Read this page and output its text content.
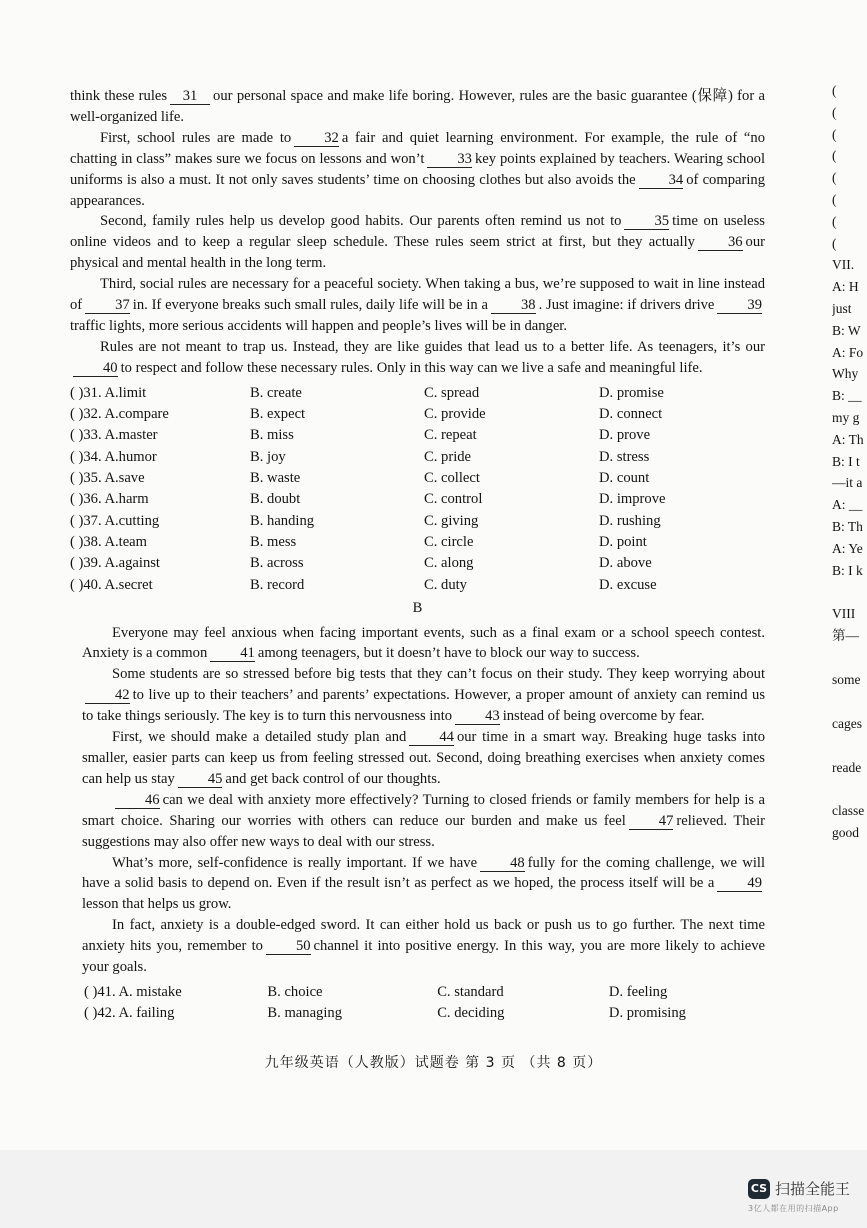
think these rules 31 our personal space and make life boring. However, rules are the basic guarantee (保障) for a well-organized life.

First, school rules are made to 32 a fair and quiet learning environment. For example, the rule of “no chatting in class” makes sure we focus on lessons and won’t 33 key points explained by teachers. Wearing school uniforms is also a must. It not only saves students’ time on choosing clothes but also avoids the 34 of comparing appearances.

Second, family rules help us develop good habits. Our parents often remind us not to 35 time on useless online videos and to keep a regular sleep schedule. These rules seem strict at first, but they actually 36 our physical and mental health in the long term.

Third, social rules are necessary for a peaceful society. When taking a bus, we’re supposed to wait in line instead of 37 in. If everyone breaks such small rules, daily life will be in a 38 . Just imagine: if drivers drive 39traffic lights, more serious accidents will happen and people’s lives will be in danger.

Rules are not meant to trap us. Instead, they are like guides that lead us to a better life. As teenagers, it’s our40 to respect and follow these necessary rules. Only in this way can we live a safe and meaningful life.

( )31. A.limit	B. create	C. spread	D. promise
( )32. A.compare	B. expect	C. provide	D. connect
( )33. A.master	B. miss	C. repeat	D. prove
( )34. A.humor	B. joy	C. pride	D. stress
( )35. A.save	B. waste	C. collect	D. count
( )36. A.harm	B. doubt	C. control	D. improve
( )37. A.cutting	B. handing	C. giving	D. rushing
( )38. A.team	B. mess	C. circle	D. point
( )39. A.against	B. across	C. along	D. above
( )40. A.secret	B. record	C. duty	D. excuse
B

Everyone may feel anxious when facing important events, such as a final exam or a school speech contest. Anxiety is a common 41 among teenagers, but it doesn’t have to block our way to success.

Some students are so stressed before big tests that they can’t focus on their study. They keep worrying about42 to live up to their teachers’ and parents’ expectations. However, a proper amount of anxiety can remind us to take things seriously. The key is to turn this nervousness into 43 instead of being overcome by fear.

First, we should make a detailed study plan and 44 our time in a smart way. Breaking huge tasks into smaller, easier parts can keep us from feeling stressed out. Second, doing breathing exercises when anxiety comes can help us stay 45 and get back control of our thoughts.

46 can we deal with anxiety more effectively? Turning to closed friends or family members for help is a smart choice. Sharing our worries with others can reduce our burden and make us feel 47 relieved. Their suggestions may also offer new ways to deal with our stress.

What’s more, self-confidence is really important. If we have 48 fully for the coming challenge, we will have a solid basis to depend on. Even if the result isn’t as perfect as we hoped, the process itself will be a 49lesson that helps us grow.

In fact, anxiety is a double-edged sword. It can either hold us back or push us to go further. The next time anxiety hits you, remember to 50 channel it into positive energy. In this way, you are more likely to achieve your goals.

( )41. A. mistake	B. choice	C. standard	D. feeling
( )42. A. failing	B. managing	C. deciding	D. promising
(
(
(
(
(
(
(
(
VII.
A: H
just
B: W
A: Fo
Why
B: __
my g
A: Th
B: I t
—it a
A: __
B: Th
A: Ye
B: I k
VIII
第—
some
cages
reade
classe
good
九年级英语（人教版）试题卷 第 3 页 （共 8 页）
CS 扫描全能王
3亿人都在用的扫描App
